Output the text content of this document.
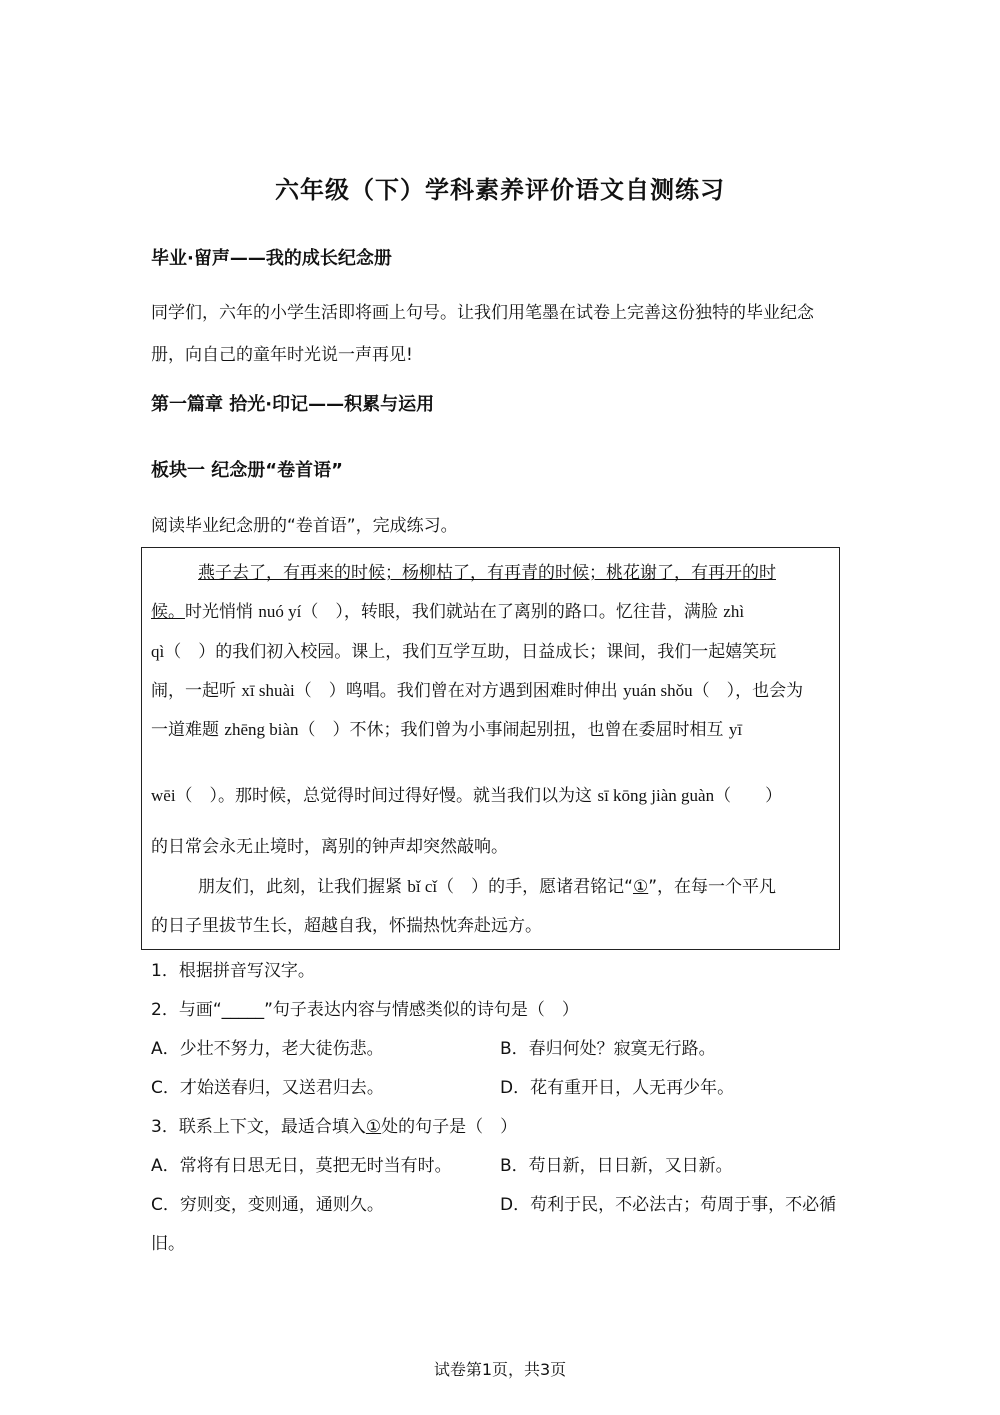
六年级（下）学科素养评价语文自测练习
毕业·留声——我的成长纪念册
同学们，六年的小学生活即将画上句号。让我们用笔墨在试卷上完善这份独特的毕业纪念
册，向自己的童年时光说一声再见!
第一篇章 拾光·印记——积累与运用
板块一 纪念册“卷首语”
阅读毕业纪念册的“卷首语”，完成练习。
燕子去了，有再来的时候；杨柳枯了，有再青的时候；桃花谢了，有再开的时
候。时光悄悄 nuó yí（　），转眼，我们就站在了离别的路口。忆往昔，满脸 zhì
qì（　）的我们初入校园。课上，我们互学互助，日益成长；课间，我们一起嬉笑玩
闹，一起听 xī shuài（　）鸣唱。我们曾在对方遇到困难时伸出 yuán shǒu（　），也会为
一道难题 zhēng biàn（　）不休；我们曾为小事闹起别扭，也曾在委屈时相互 yī
wēi（　）。那时候，总觉得时间过得好慢。就当我们以为这 sī kōng jiàn guàn（　　）
的日常会永无止境时，离别的钟声却突然敲响。
朋友们，此刻，让我们握紧 bǐ cǐ（　）的手，愿诸君铭记“①”，在每一个平凡
的日子里拔节生长，超越自我，怀揣热忱奔赴远方。
1．根据拼音写汉字。
2．与画“_____”句子表达内容与情感类似的诗句是（　）
A．少壮不努力，老大徒伤悲。	B．春归何处？寂寞无行路。
C．才始送春归，又送君归去。	D．花有重开日，人无再少年。
3．联系上下文，最适合填入①处的句子是（　）
A．常将有日思无日，莫把无时当有时。	B．苟日新，日日新，又日新。
C．穷则变，变则通，通则久。	D．苟利于民，不必法古；苟周于事，不必循
旧。
试卷第1页，共3页
